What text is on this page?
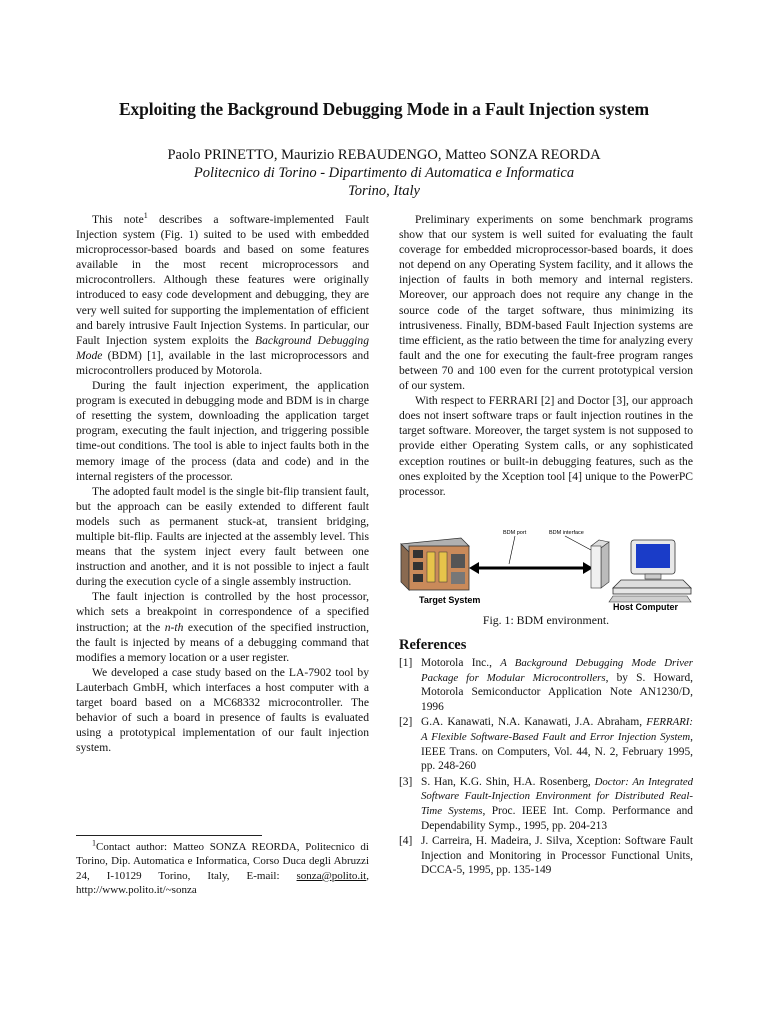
Exploiting the Background Debugging Mode in a Fault Injection system
Paolo PRINETTO, Maurizio REBAUDENGO, Matteo SONZA REORDA
Politecnico di Torino - Dipartimento di Automatica e Informatica
Torino, Italy

This note$^1$ describes a software-implemented Fault Injection system (Fig. 1) suited to be used with embedded microprocessor-based boards and based on some features available in the most recent microprocessors and microcontrollers. Although these features were originally introduced to easy code development and debugging, they are very well suited for supporting the implementation of efficient and barely intrusive Fault Injection Systems. In particular, our Fault Injection system exploits the Background Debugging Mode (BDM) [1], available in the last microprocessors and microcontrollers produced by Motorola.

During the fault injection experiment, the application program is executed in debugging mode and BDM is in charge of resetting the system, downloading the application target program, executing the fault injection, and triggering possible time-out conditions. The tool is able to inject faults both in the memory image of the process (data and code) and in the internal registers of the processor.

The adopted fault model is the single bit-flip transient fault, but the approach can be easily extended to different fault models such as permanent stuck-at, transient bridging, multiple bit-flip. Faults are injected at the assembly level. This means that the system inject every fault between one instruction and another, and it is not possible to inject a fault during the execution cycle of a single assembly instruction.

The fault injection is controlled by the host processor, which sets a breakpoint in correspondence of a specified instruction; at the n-th execution of the specified instruction, the fault is injected by means of a debugging command that modifies a memory location or a user register.

We developed a case study based on the LA-7902 tool by Lauterbach GmbH, which interfaces a host computer with a target board based on a MC68332 microcontroller. The behavior of such a board in presence of faults is evaluated using a prototypical implementation of our fault injection system.

$^1$Contact author: Matteo SONZA REORDA, Politecnico di Torino, Dip. Automatica e Informatica, Corso Duca degli Abruzzi 24, I-10129 Torino, Italy, E-mail: sonza@polito.it, http://www.polito.it/~sonza

Preliminary experiments on some benchmark programs show that our system is well suited for evaluating the fault coverage for embedded microprocessor-based boards, it does not depend on any Operating System facility, and it allows the injection of faults in both memory and internal registers. Moreover, our approach does not require any change in the source code of the target software, thus minimizing its intrusiveness. Finally, BDM-based Fault Injection systems are time efficient, as the ratio between the time for analyzing every fault and the one for executing the fault-free program ranges between 70 and 100 even for the current prototypical version of our system.

With respect to FERRARI [2] and Doctor [3], our approach does not insert software traps or fault injection routines in the target software. Moreover, the target system is not supposed to provide either Operating System calls, or any sophisticated exception routines or built-in debugging features, such as the ones exploited by the Xception tool [4] unique to the PowerPC processor.

BDM port	BDM interface
Target System
Host Computer
Fig. 1: BDM environment.
References
[1] Motorola Inc., A Background Debugging Mode Driver Package for Modular Microcontrollers, by S. Howard, Motorola Semiconductor Application Note AN1230/D, 1996
[2] G.A. Kanawati, N.A. Kanawati, J.A. Abraham, FERRARI: A Flexible Software-Based Fault and Error Injection System, IEEE Trans. on Computers, Vol. 44, N. 2, February 1995, pp. 248-260
[3] S. Han, K.G. Shin, H.A. Rosenberg, Doctor: An Integrated Software Fault-Injection Environment for Distributed Real-Time Systems, Proc. IEEE Int. Comp. Performance and Dependability Symp., 1995, pp. 204-213
[4] J. Carreira, H. Madeira, J. Silva, Xception: Software Fault Injection and Monitoring in Processor Functional Units, DCCA-5, 1995, pp. 135-149
